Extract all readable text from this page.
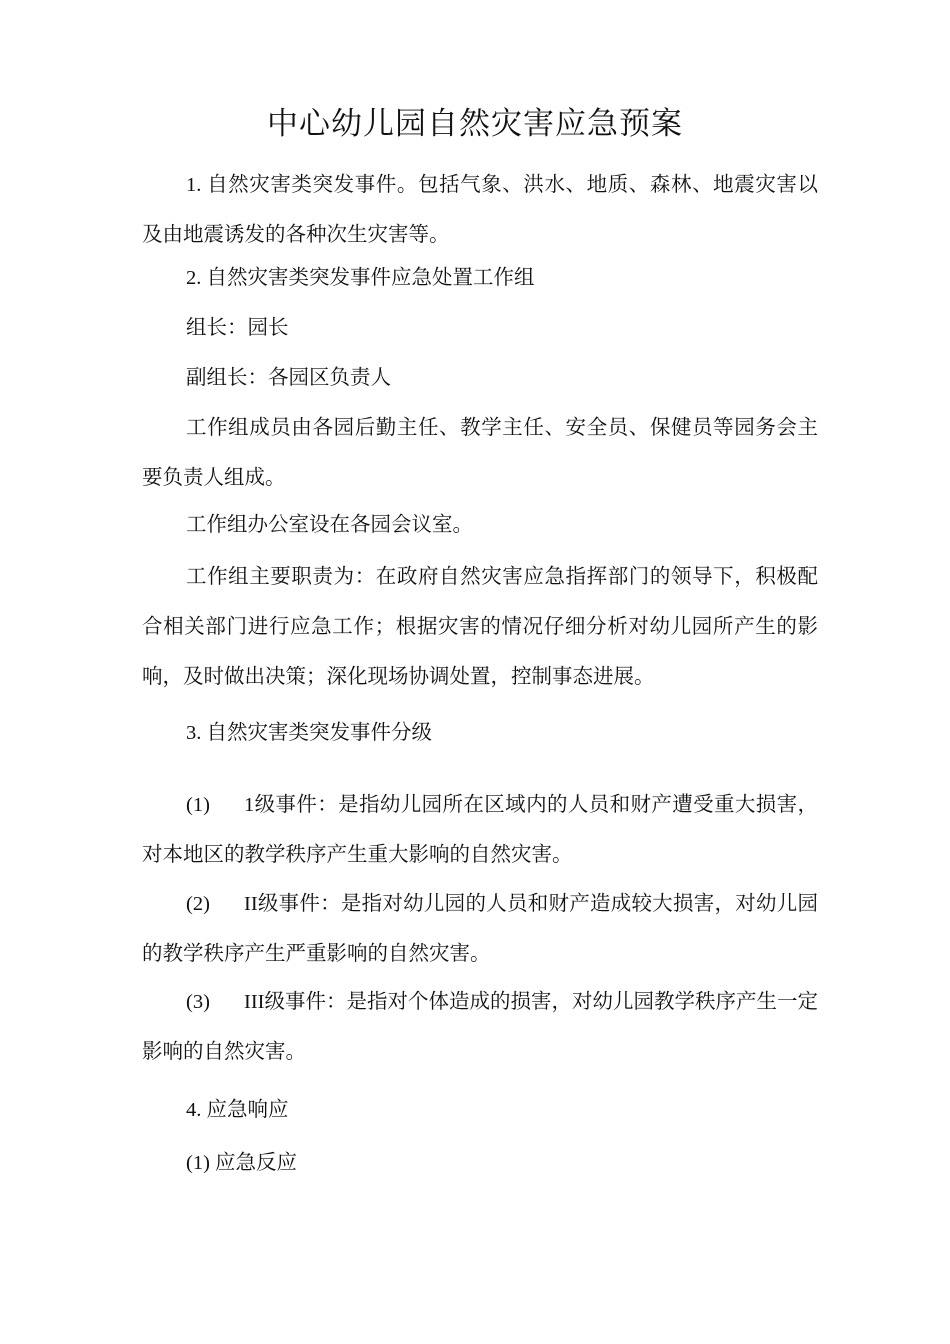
中心幼儿园自然灾害应急预案

1. 自然灾害类突发事件。包括气象、洪水、地质、森林、地震灾害以及由地震诱发的各种次生灾害等。

2. 自然灾害类突发事件应急处置工作组

组长：园长

副组长：各园区负责人

工作组成员由各园后勤主任、教学主任、安全员、保健员等园务会主要负责人组成。

工作组办公室设在各园会议室。

工作组主要职责为：在政府自然灾害应急指挥部门的领导下，积极配合相关部门进行应急工作；根据灾害的情况仔细分析对幼儿园所产生的影响，及时做出决策；深化现场协调处置，控制事态进展。

3. 自然灾害类突发事件分级

(1) 1级事件：是指幼儿园所在区域内的人员和财产遭受重大损害，对本地区的教学秩序产生重大影响的自然灾害。

(2) II级事件：是指对幼儿园的人员和财产造成较大损害，对幼儿园的教学秩序产生严重影响的自然灾害。

(3) III级事件：是指对个体造成的损害，对幼儿园教学秩序产生一定影响的自然灾害。

4. 应急响应

(1) 应急反应
